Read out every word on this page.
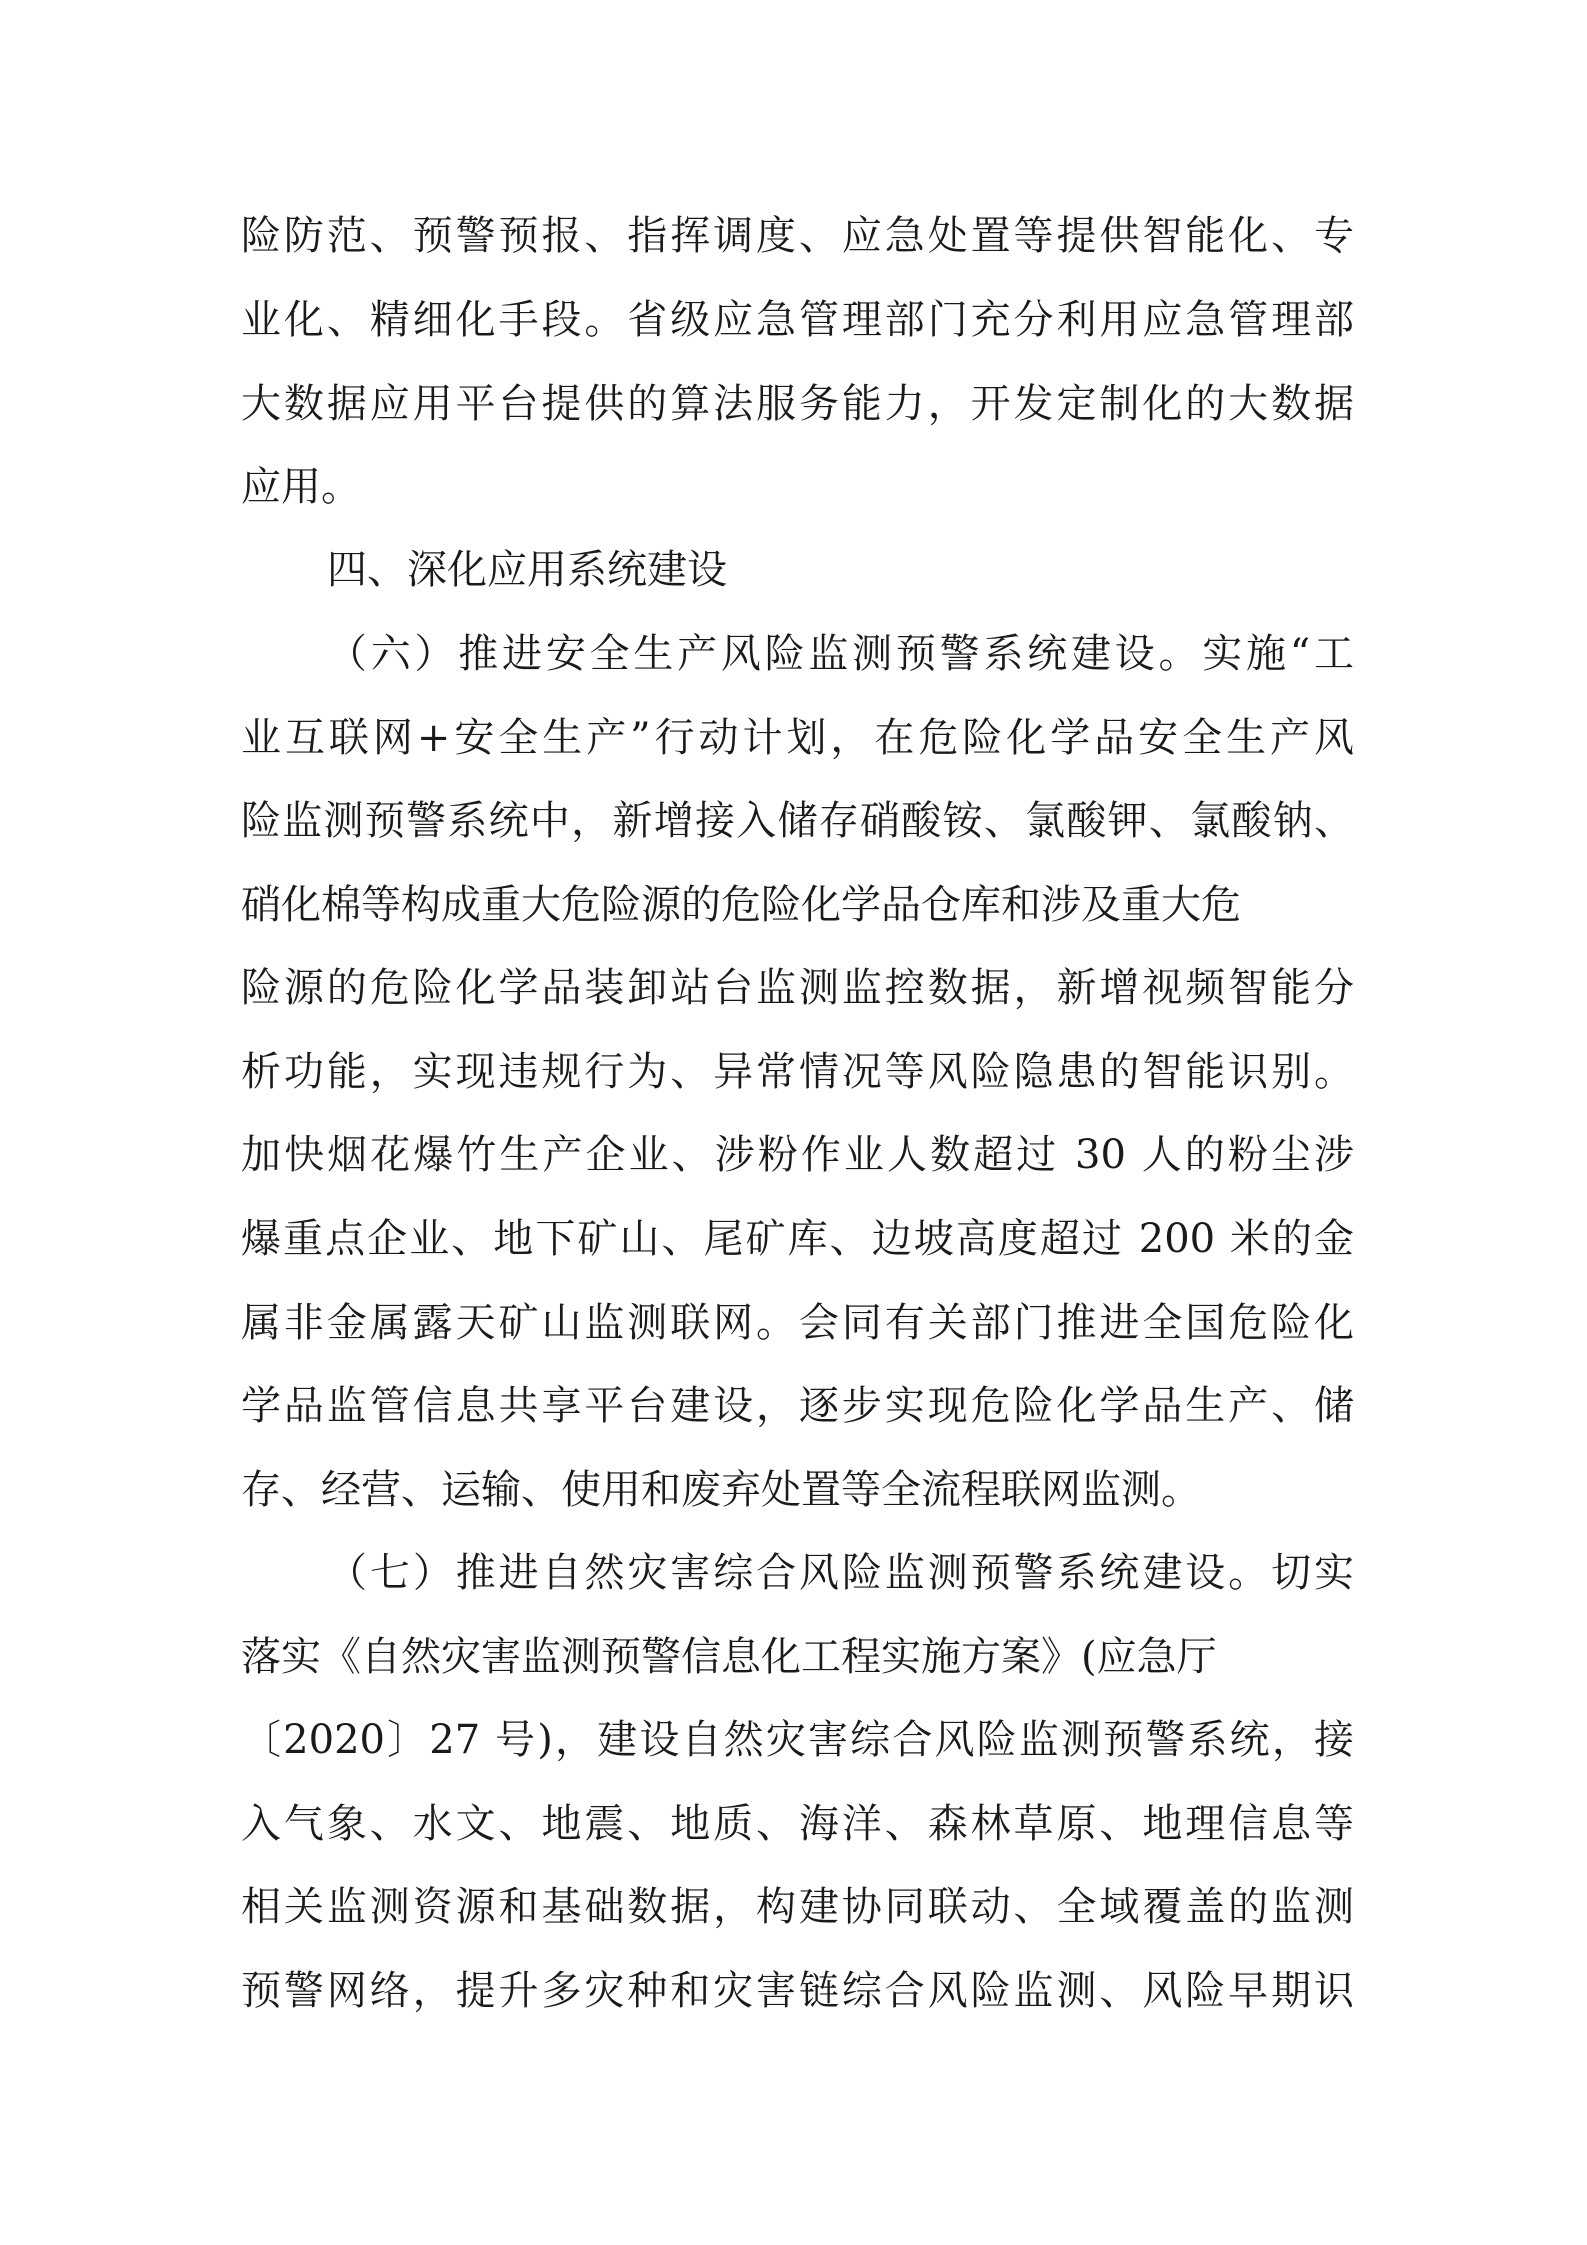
险防范、预警预报、指挥调度、应急处置等提供智能化、专
业化、精细化手段。省级应急管理部门充分利用应急管理部
大数据应用平台提供的算法服务能力，开发定制化的大数据
应用。
四、深化应用系统建设
（六）推进安全生产风险监测预警系统建设。实施“工
业互联网+安全生产”行动计划，在危险化学品安全生产风
险监测预警系统中，新增接入储存硝酸铵、氯酸钾、氯酸钠、
硝化棉等构成重大危险源的危险化学品仓库和涉及重大危
险源的危险化学品装卸站台监测监控数据，新增视频智能分
析功能，实现违规行为、异常情况等风险隐患的智能识别。
加快烟花爆竹生产企业、涉粉作业人数超过 30 人的粉尘涉
爆重点企业、地下矿山、尾矿库、边坡高度超过 200 米的金
属非金属露天矿山监测联网。会同有关部门推进全国危险化
学品监管信息共享平台建设，逐步实现危险化学品生产、储
存、经营、运输、使用和废弃处置等全流程联网监测。
（七）推进自然灾害综合风险监测预警系统建设。切实
落实《自然灾害监测预警信息化工程实施方案》(应急厅
〔2020〕27 号)，建设自然灾害综合风险监测预警系统，接
入气象、水文、地震、地质、海洋、森林草原、地理信息等
相关监测资源和基础数据，构建协同联动、全域覆盖的监测
预警网络，提升多灾种和灾害链综合风险监测、风险早期识
